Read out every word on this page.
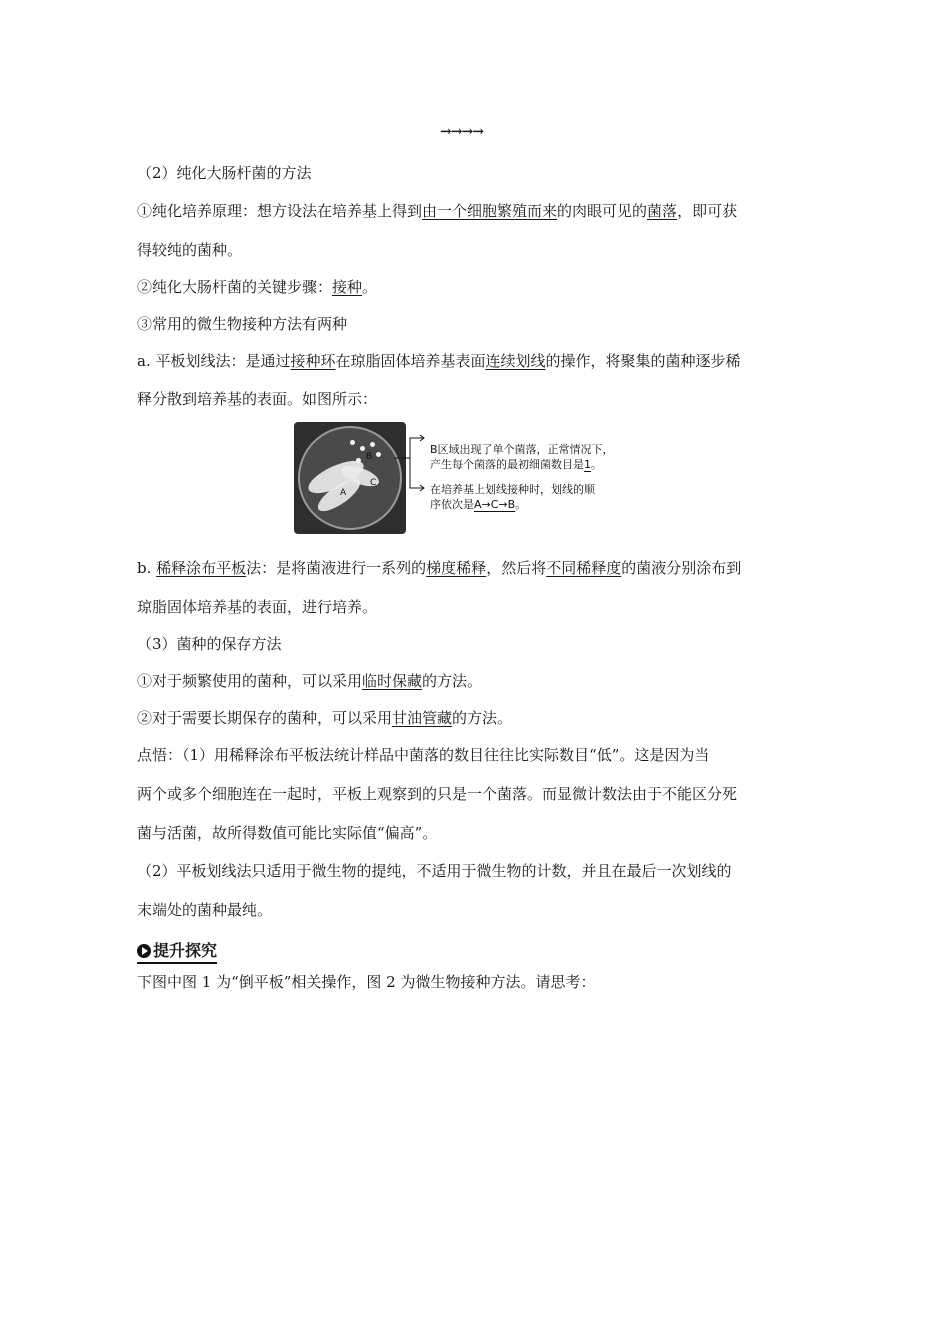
→→→→
（2）纯化大肠杆菌的方法
①纯化培养原理：想方设法在培养基上得到由一个细胞繁殖而来的肉眼可见的菌落，即可获
得较纯的菌种。
②纯化大肠杆菌的关键步骤：接种。
③常用的微生物接种方法有两种
a. 平板划线法：是通过接种环在琼脂固体培养基表面连续划线的操作，将聚集的菌种逐步稀
释分散到培养基的表面。如图所示：
B
C
A
B区域出现了单个菌落，正常情况下，
产生每个菌落的最初细菌数目是1。
在培养基上划线接种时，划线的顺
序依次是A→C→B。
b. 稀释涂布平板法：是将菌液进行一系列的梯度稀释，然后将不同稀释度的菌液分别涂布到
琼脂固体培养基的表面，进行培养。
（3）菌种的保存方法
①对于频繁使用的菌种，可以采用临时保藏的方法。
②对于需要长期保存的菌种，可以采用甘油管藏的方法。
点悟：（1）用稀释涂布平板法统计样品中菌落的数目往往比实际数目“低”。这是因为当
两个或多个细胞连在一起时，平板上观察到的只是一个菌落。而显微计数法由于不能区分死
菌与活菌，故所得数值可能比实际值“偏高”。
（2）平板划线法只适用于微生物的提纯，不适用于微生物的计数，并且在最后一次划线的
末端处的菌种最纯。
提升探究
下图中图 1 为“倒平板”相关操作，图 2 为微生物接种方法。请思考：
